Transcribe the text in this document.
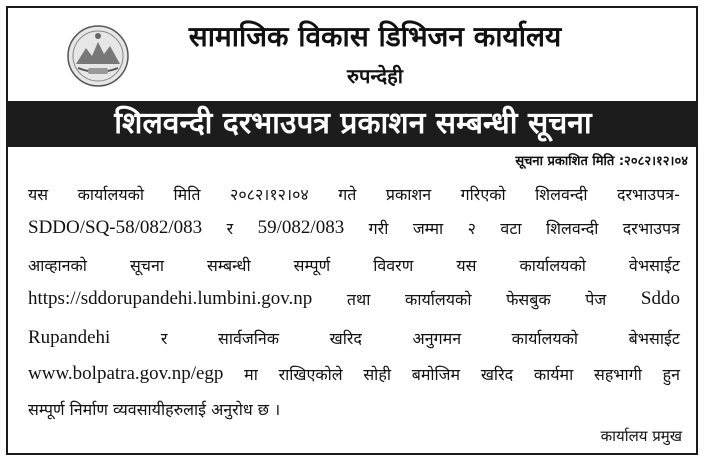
सामाजिक विकास डिभिजन कार्यालय
रुपन्देही
शिलवन्दी दरभाउपत्र प्रकाशन सम्बन्धी सूचना
सूचना प्रकाशित मिति :२०८२।१२।०४
यस कार्यालयको मिति २०८२।१२।०४ गते प्रकाशन गरिएको शिलवन्दी दरभाउपत्र-
SDDO/SQ-58/082/083 र 59/082/083 गरी जम्मा २ वटा शिलवन्दी दरभाउपत्र
आव्हानको	सूचना	सम्बन्धी	सम्पूर्ण	विवरण	यस	कार्यालयको	वेभसाईट
https://sddorupandehi.lumbini.gov.np तथा कार्यालयको फेसबुक पेज Sddo
Rupandehi	र	सार्वजनिक	खरिद	अनुगमन	कार्यालयको	बेभसाईट
www.bolpatra.gov.np/egp मा राखिएकोले सोही बमोजिम खरिद कार्यमा सहभागी हुन
सम्पूर्ण निर्माण व्यवसायीहरुलाई अनुरोध छ ।
कार्यालय प्रमुख
